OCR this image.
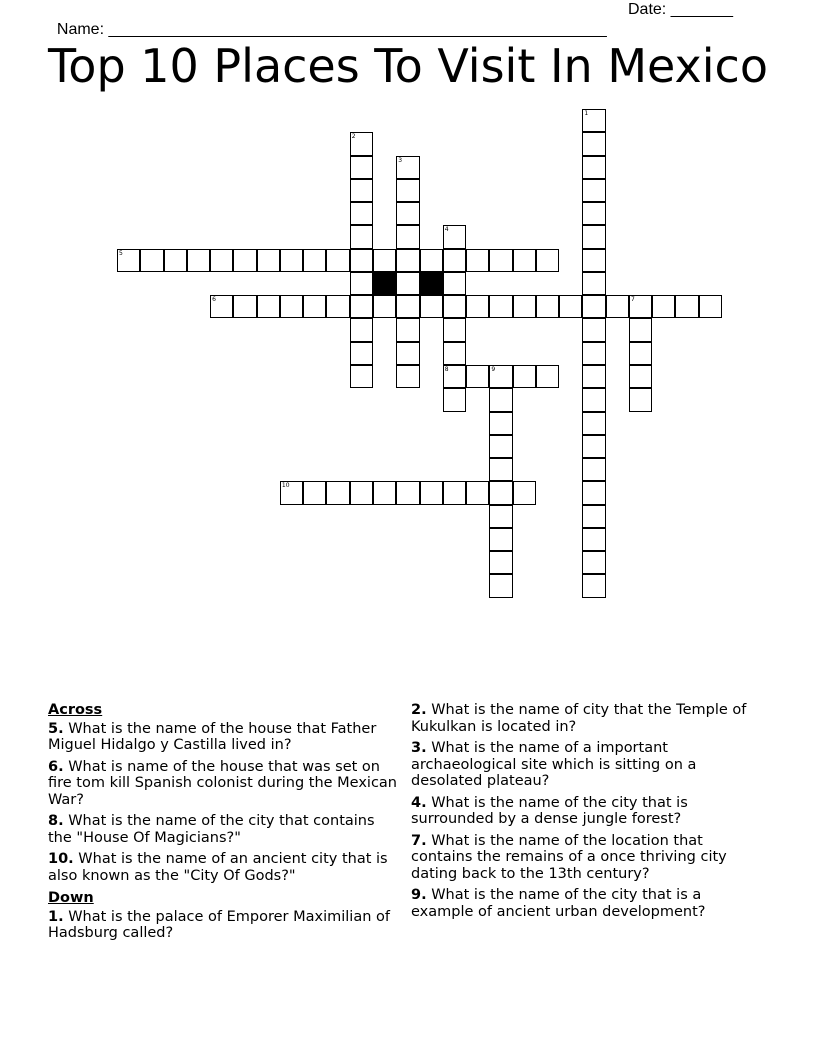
Name: ________________________________________________________

Date: _______

Top 10 Places To Visit In Mexico
1
2
3
4
8
5
6	7
9
10
Across
5. What is the name of the house that Father Miguel Hidalgo y Castilla lived in?
6. What is name of the house that was set on fire tom kill Spanish colonist during the Mexican War?
8. What is the name of the city that contains the "House Of Magicians?"
10. What is the name of an ancient city that is also known as the "City Of Gods?"
Down
1. What is the palace of Emporer Maximilian of Hadsburg called?
2. What is the name of city that the Temple of Kukulkan is located in?
3. What is the name of a important archaeological site which is sitting on a desolated plateau?
4. What is the name of the city that is surrounded by a dense jungle forest?
7. What is the name of the location that contains the remains of a once thriving city dating back to the 13th century?
9. What is the name of the city that is a example of ancient urban development?
